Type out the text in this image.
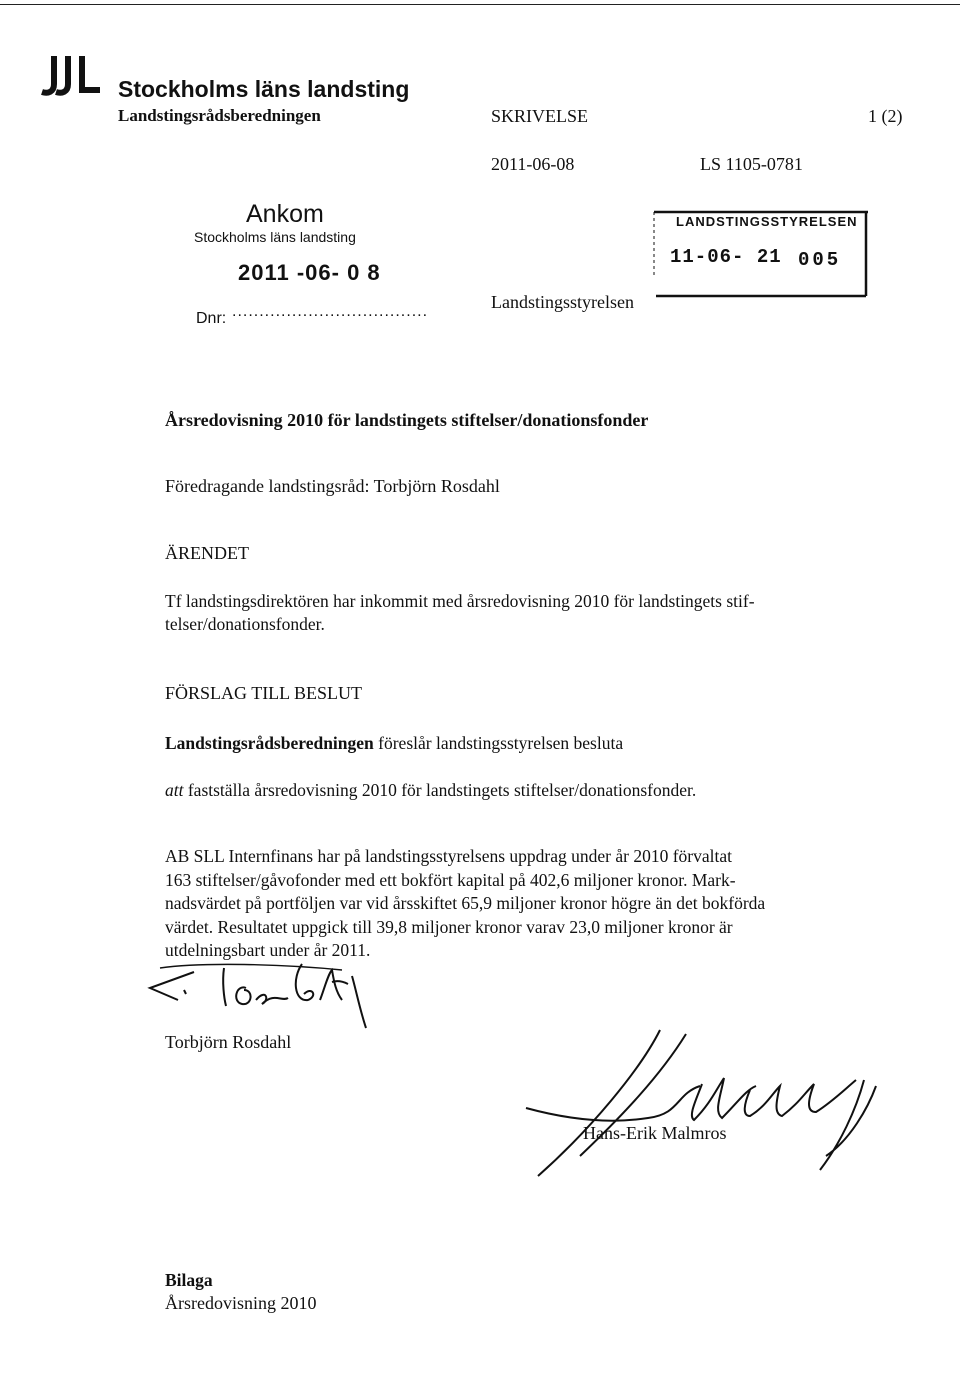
Stockholms läns landsting
Landstingsrådsberedningen	SKRIVELSE	1 (2)
2011-06-08	LS 1105-0781
Ankom
Stockholms läns landsting
2011 -06- 0 8
Dnr: ....................................	Landstingsstyrelsen
LANDSTINGSSTYRELSEN
11-06- 21 005
Årsredovisning 2010 för landstingets stiftelser/donationsfonder
Föredragande landstingsråd: Torbjörn Rosdahl
ÄRENDET
Tf landstingsdirektören har inkommit med årsredovisning 2010 för landstingets stif-
telser/donationsfonder.
FÖRSLAG TILL BESLUT
Landstingsrådsberedningen föreslår landstingsstyrelsen besluta
att fastställa årsredovisning 2010 för landstingets stiftelser/donationsfonder.
AB SLL Internfinans har på landstingsstyrelsens uppdrag under år 2010 förvaltat
163 stiftelser/gåvofonder med ett bokfört kapital på 402,6 miljoner kronor. Mark-
nadsvärdet på portföljen var vid årsskiftet 65,9 miljoner kronor högre än det bokförda
värdet. Resultatet uppgick till 39,8 miljoner kronor varav 23,0 miljoner kronor är
utdelningsbart under år 2011.
Torbjörn Rosdahl
Hans-Erik Malmros
Bilaga
Årsredovisning 2010
